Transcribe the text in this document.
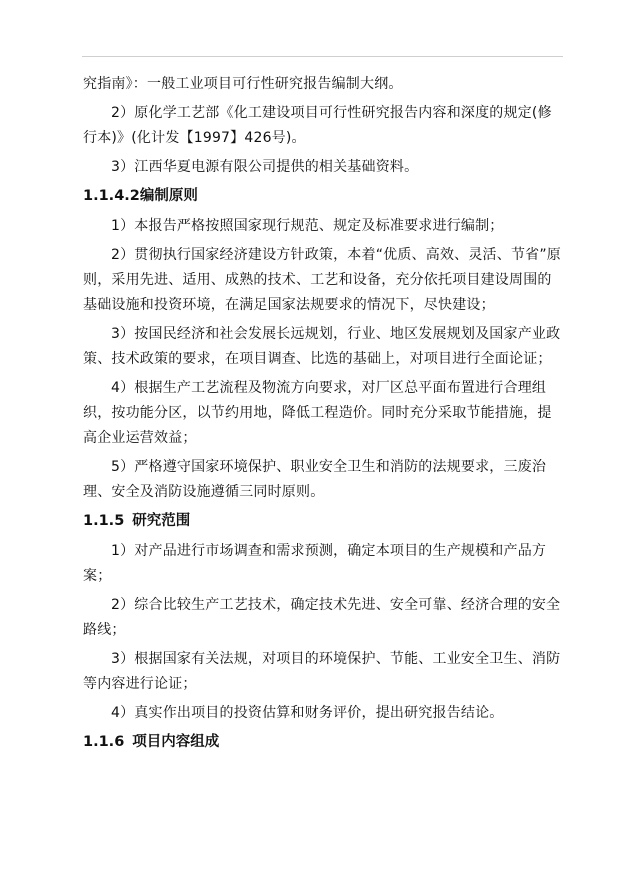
究指南》：一般工业项目可行性研究报告编制大纲。

2）原化学工艺部《化工建设项目可行性研究报告内容和深度的规定(修行本)》(化计发【1997】426号)。

3）江西华夏电源有限公司提供的相关基础资料。

1.1.4.2编制原则

1）本报告严格按照国家现行规范、规定及标准要求进行编制；

2）贯彻执行国家经济建设方针政策，本着“优质、高效、灵活、节省”原则，采用先进、适用、成熟的技术、工艺和设备，充分依托项目建设周围的基础设施和投资环境，在满足国家法规要求的情况下，尽快建设；

3）按国民经济和社会发展长远规划，行业、地区发展规划及国家产业政策、技术政策的要求，在项目调查、比选的基础上，对项目进行全面论证；

4）根据生产工艺流程及物流方向要求，对厂区总平面布置进行合理组织，按功能分区，以节约用地，降低工程造价。同时充分采取节能措施，提高企业运营效益；

5）严格遵守国家环境保护、职业安全卫生和消防的法规要求，三废治理、安全及消防设施遵循三同时原则。

1.1.5 研究范围

1）对产品进行市场调查和需求预测，确定本项目的生产规模和产品方案；

2）综合比较生产工艺技术，确定技术先进、安全可靠、经济合理的安全路线；

3）根据国家有关法规，对项目的环境保护、节能、工业安全卫生、消防等内容进行论证；

4）真实作出项目的投资估算和财务评价，提出研究报告结论。

1.1.6 项目内容组成
